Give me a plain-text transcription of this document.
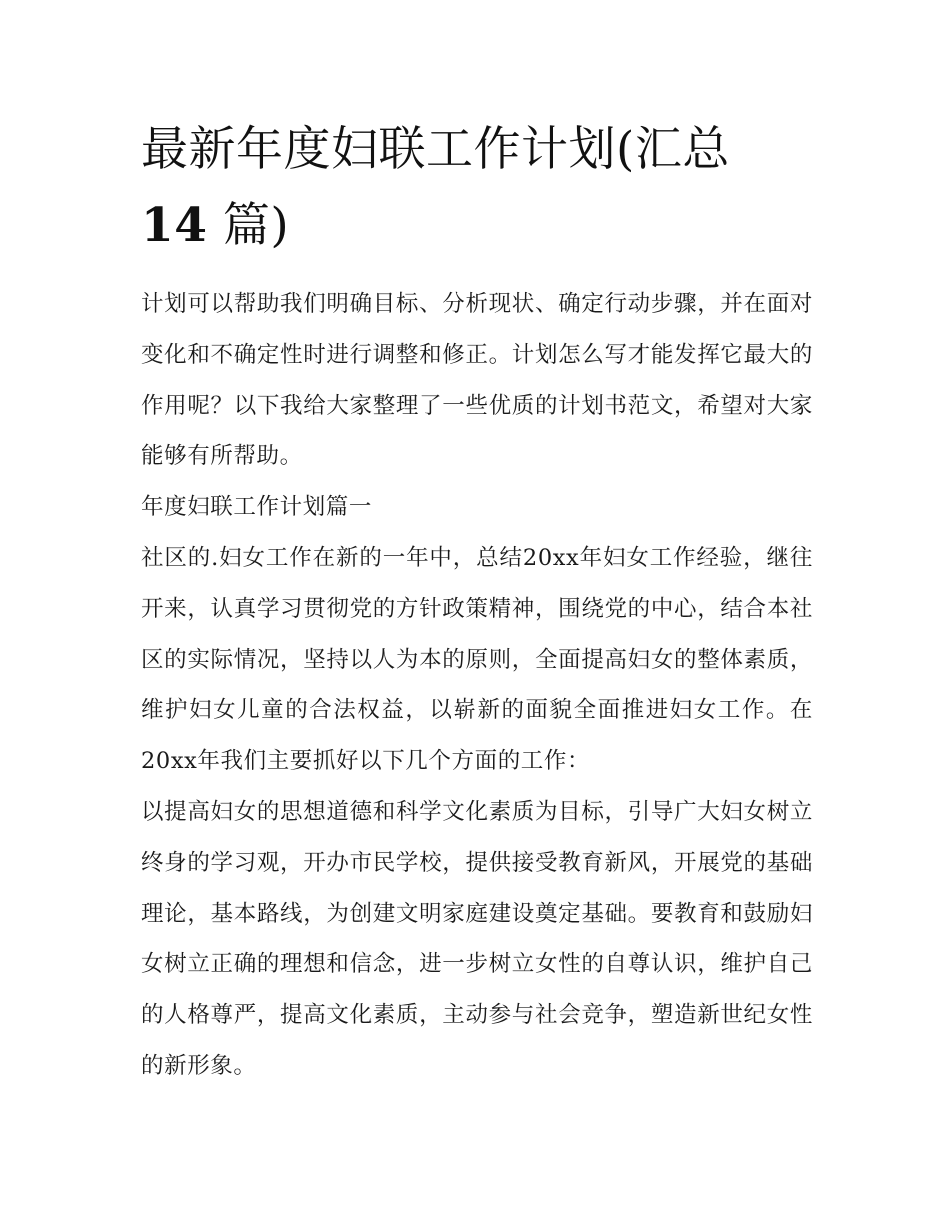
最新年度妇联工作计划(汇总
14 篇)

计划可以帮助我们明确目标、分析现状、确定行动步骤，并在面对变化和不确定性时进行调整和修正。计划怎么写才能发挥它最大的作用呢？以下我给大家整理了一些优质的计划书范文，希望对大家能够有所帮助。

年度妇联工作计划篇一

社区的.妇女工作在新的一年中，总结20xx年妇女工作经验，继往开来，认真学习贯彻党的方针政策精神，围绕党的中心，结合本社区的实际情况，坚持以人为本的原则，全面提高妇女的整体素质，维护妇女儿童的合法权益，以崭新的面貌全面推进妇女工作。在20xx年我们主要抓好以下几个方面的工作：

以提高妇女的思想道德和科学文化素质为目标，引导广大妇女树立终身的学习观，开办市民学校，提供接受教育新风，开展党的基础理论，基本路线，为创建文明家庭建设奠定基础。要教育和鼓励妇女树立正确的理想和信念，进一步树立女性的自尊认识，维护自己的人格尊严，提高文化素质，主动参与社会竞争，塑造新世纪女性的新形象。
